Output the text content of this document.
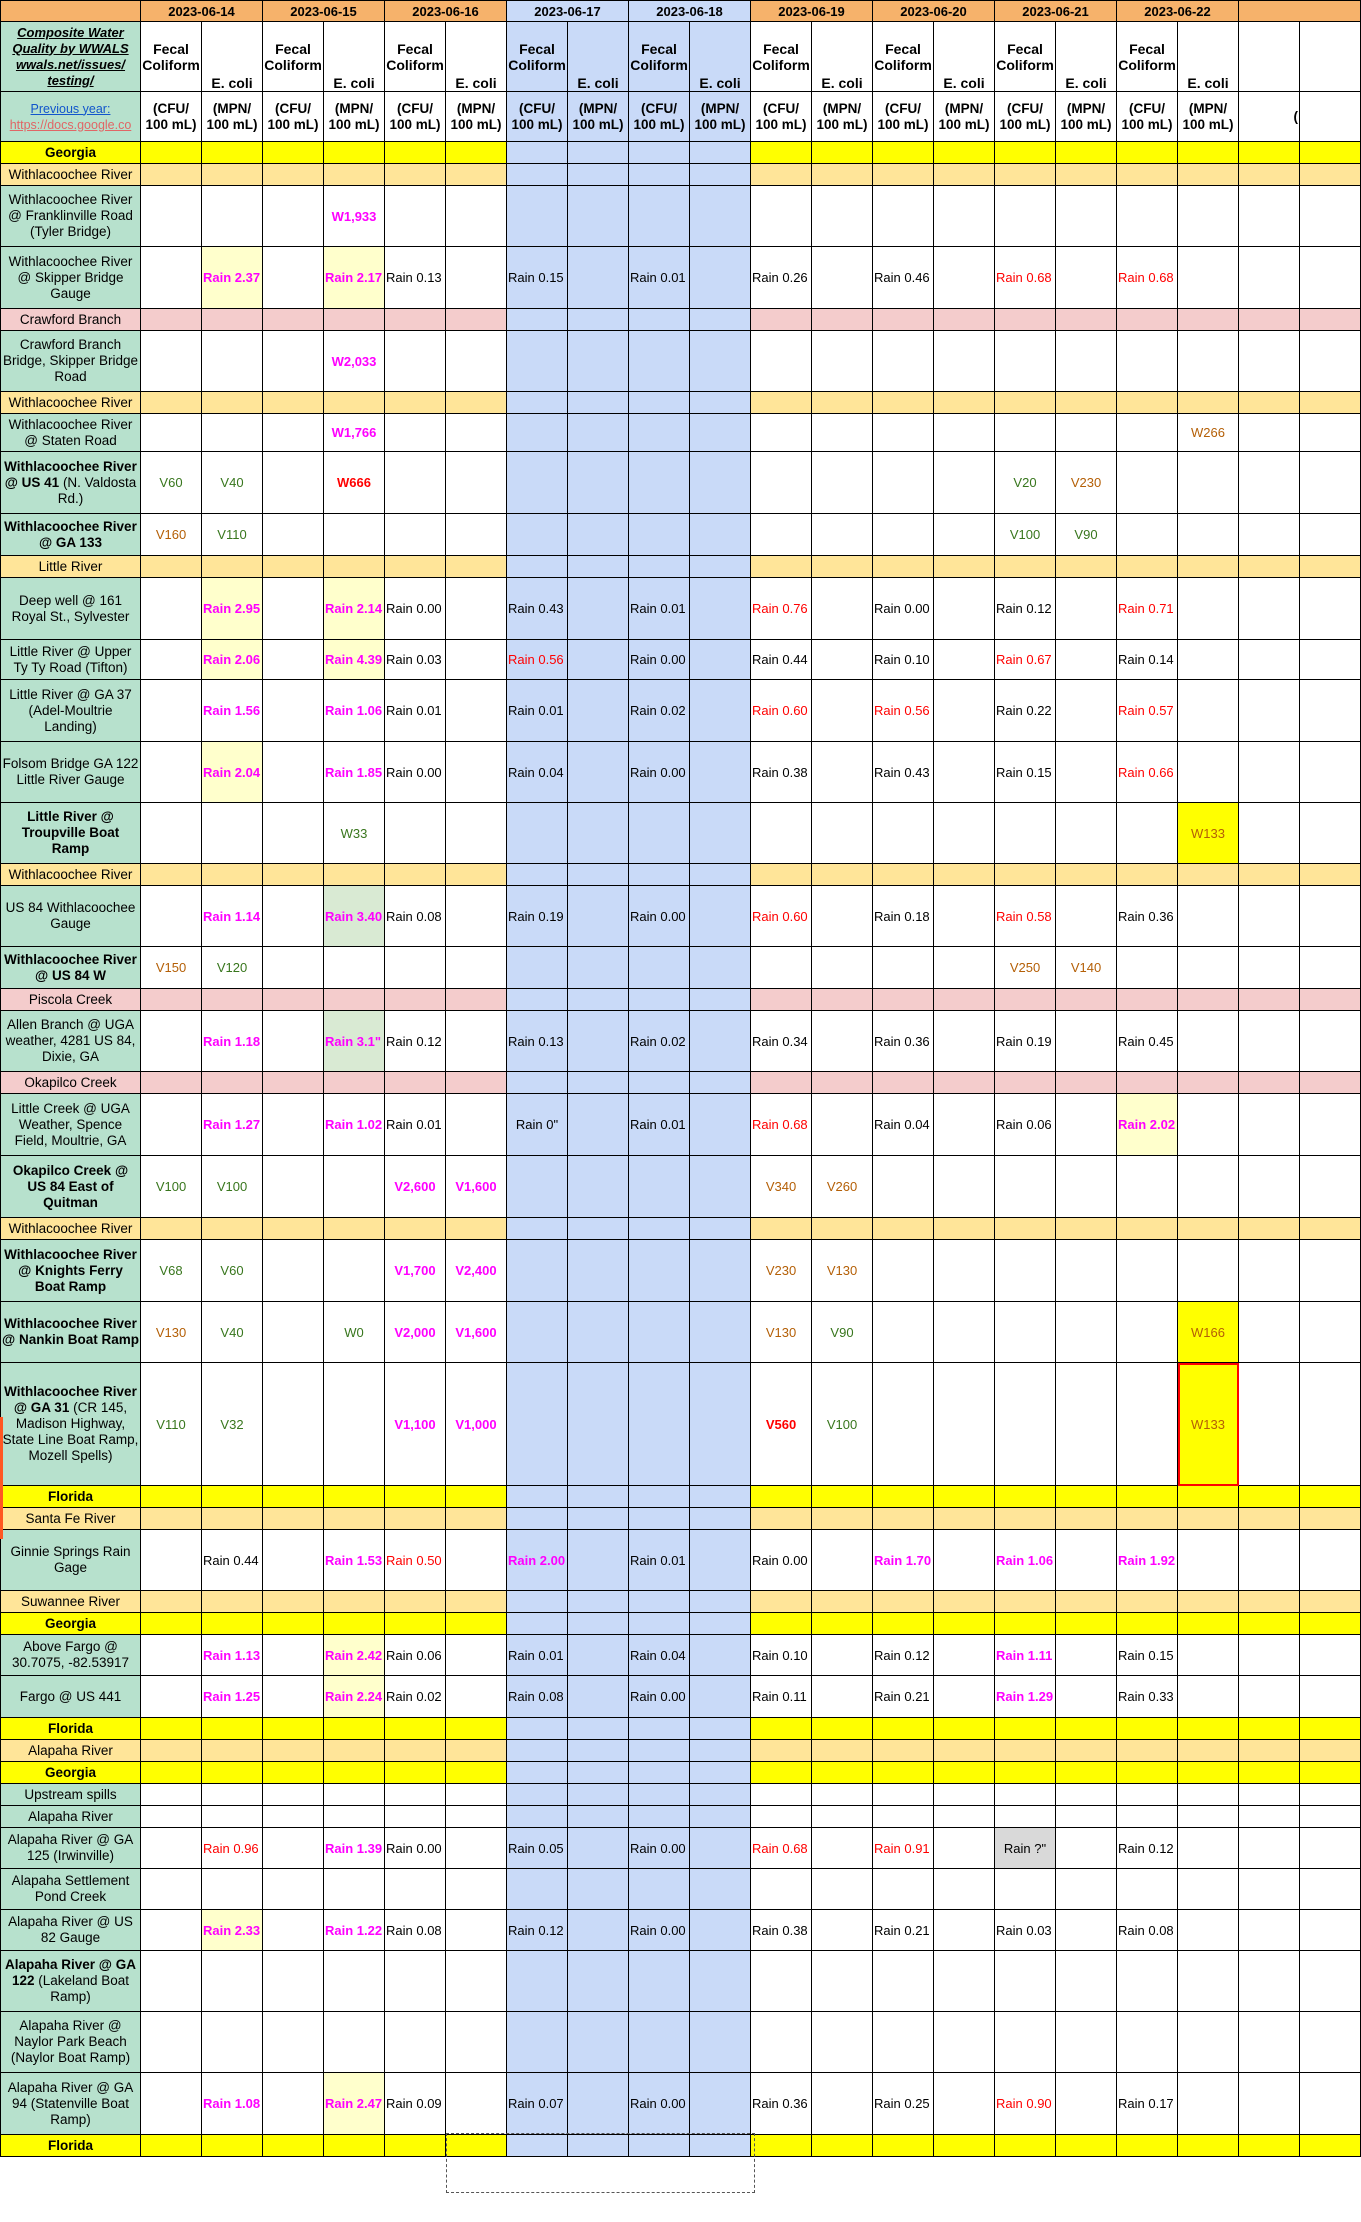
	2023-06-14		2023-06-15		2023-06-16		2023-06-17		2023-06-18		2023-06-19		2023-06-20		2023-06-21		2023-06-22			
Composite Water Quality by WWALS wwals.net/issues/ testing/	Fecal Coliform	E. coli	Fecal Coliform	E. coli	Fecal Coliform	E. coli	Fecal Coliform	E. coli	Fecal Coliform	E. coli	Fecal Coliform	E. coli	Fecal Coliform	E. coli	Fecal Coliform	E. coli	Fecal Coliform	E. coli		

Previous year:
https://docs.google.co	(CFU/ 100 mL)	(MPN/ 100 mL)	(CFU/ 100 mL)	(MPN/ 100 mL)	(CFU/ 100 mL)	(MPN/ 100 mL)	(CFU/ 100 mL)	(MPN/ 100 mL)	(CFU/ 100 mL)	(MPN/ 100 mL)	(CFU/ 100 mL)	(MPN/ 100 mL)	(CFU/ 100 mL)	(MPN/ 100 mL)	(CFU/ 100 mL)	(MPN/ 100 mL)	(CFU/ 100 mL)	(MPN/ 100 mL)	(	
Georgia																				
Withlacoochee River																				
Withlacoochee River @ Franklinville Road (Tyler Bridge)				W1,933																
Withlacoochee River @ Skipper Bridge Gauge		Rain 2.37		Rain 2.17	Rain 0.13		Rain 0.15		Rain 0.01		Rain 0.26		Rain 0.46		Rain 0.68		Rain 0.68			
Crawford Branch																				
Crawford Branch Bridge, Skipper Bridge Road				W2,033																
Withlacoochee River																				
Withlacoochee River @ Staten Road				W1,766														W266		
Withlacoochee River @ US 41 (N. Valdosta Rd.)	V60	V40		W666											V20	V230				
Withlacoochee River @ GA 133	V160	V110													V100	V90				
Little River																				
Deep well @ 161 Royal St., Sylvester		Rain 2.95		Rain 2.14	Rain 0.00		Rain 0.43		Rain 0.01		Rain 0.76		Rain 0.00		Rain 0.12		Rain 0.71			
Little River @ Upper Ty Ty Road (Tifton)		Rain 2.06		Rain 4.39	Rain 0.03		Rain 0.56		Rain 0.00		Rain 0.44		Rain 0.10		Rain 0.67		Rain 0.14			
Little River @ GA 37 (Adel-Moultrie Landing)		Rain 1.56		Rain 1.06	Rain 0.01		Rain 0.01		Rain 0.02		Rain 0.60		Rain 0.56		Rain 0.22		Rain 0.57			
Folsom Bridge GA 122 Little River Gauge		Rain 2.04		Rain 1.85	Rain 0.00		Rain 0.04		Rain 0.00		Rain 0.38		Rain 0.43		Rain 0.15		Rain 0.66			
Little River @ Troupville Boat Ramp				W33														W133		
Withlacoochee River																				
US 84 Withlacoochee Gauge		Rain 1.14		Rain 3.40	Rain 0.08		Rain 0.19		Rain 0.00		Rain 0.60		Rain 0.18		Rain 0.58		Rain 0.36			
Withlacoochee River @ US 84 W	V150	V120													V250	V140				
Piscola Creek																				
Allen Branch @ UGA weather, 4281 US 84, Dixie, GA		Rain 1.18		Rain 3.1"	Rain 0.12		Rain 0.13		Rain 0.02		Rain 0.34		Rain 0.36		Rain 0.19		Rain 0.45			
Okapilco Creek																				
Little Creek @ UGA Weather, Spence Field, Moultrie, GA		Rain 1.27		Rain 1.02	Rain 0.01		Rain 0"		Rain 0.01		Rain 0.68		Rain 0.04		Rain 0.06		Rain 2.02			
Okapilco Creek @ US 84 East of Quitman	V100	V100			V2,600	V1,600					V340	V260								
Withlacoochee River																				
Withlacoochee River @ Knights Ferry Boat Ramp	V68	V60			V1,700	V2,400					V230	V130								
Withlacoochee River @ Nankin Boat Ramp	V130	V40		W0	V2,000	V1,600					V130	V90						W166		
Withlacoochee River @ GA 31 (CR 145, Madison Highway, State Line Boat Ramp, Mozell Spells)	V110	V32			V1,100	V1,000					V560	V100						W133		
Florida																				
Santa Fe River																				
Ginnie Springs Rain Gage		Rain 0.44		Rain 1.53	Rain 0.50		Rain 2.00		Rain 0.01		Rain 0.00		Rain 1.70		Rain 1.06		Rain 1.92			
Suwannee River																				
Georgia																				
Above Fargo @ 30.7075, -82.53917		Rain 1.13		Rain 2.42	Rain 0.06		Rain 0.01		Rain 0.04		Rain 0.10		Rain 0.12		Rain 1.11		Rain 0.15			
Fargo @ US 441		Rain 1.25		Rain 2.24	Rain 0.02		Rain 0.08		Rain 0.00		Rain 0.11		Rain 0.21		Rain 1.29		Rain 0.33			
Florida																				
Alapaha River																				
Georgia																				
Upstream spills																				
Alapaha River																				
Alapaha River @ GA 125 (Irwinville)		Rain 0.96		Rain 1.39	Rain 0.00		Rain 0.05		Rain 0.00		Rain 0.68		Rain 0.91		Rain ?"		Rain 0.12			
Alapaha Settlement Pond Creek																				
Alapaha River @ US 82 Gauge		Rain 2.33		Rain 1.22	Rain 0.08		Rain 0.12		Rain 0.00		Rain 0.38		Rain 0.21		Rain 0.03		Rain 0.08			
Alapaha River @ GA 122 (Lakeland Boat Ramp)																				
Alapaha River @ Naylor Park Beach (Naylor Boat Ramp)																				
Alapaha River @ GA 94 (Statenville Boat Ramp)		Rain 1.08		Rain 2.47	Rain 0.09		Rain 0.07		Rain 0.00		Rain 0.36		Rain 0.25		Rain 0.90		Rain 0.17			
Florida																				
